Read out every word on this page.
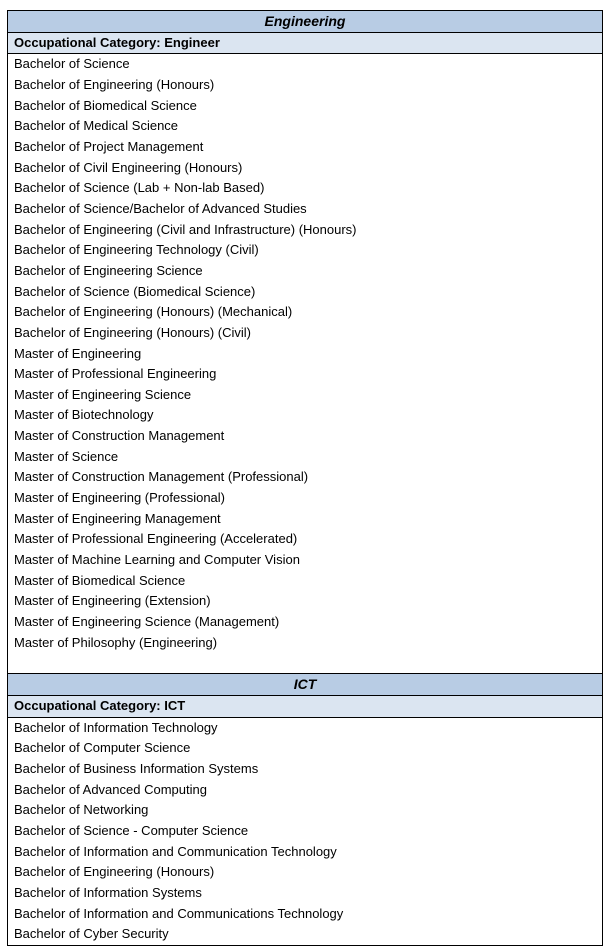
Engineering
Occupational Category: Engineer
Bachelor of Science
Bachelor of Engineering (Honours)
Bachelor of Biomedical Science
Bachelor of Medical Science
Bachelor of Project Management
Bachelor of Civil Engineering (Honours)
Bachelor of Science (Lab + Non-lab Based)
Bachelor of Science/Bachelor of Advanced Studies
Bachelor of Engineering (Civil and Infrastructure) (Honours)
Bachelor of Engineering Technology (Civil)
Bachelor of Engineering Science
Bachelor of Science (Biomedical Science)
Bachelor of Engineering (Honours) (Mechanical)
Bachelor of Engineering (Honours) (Civil)
Master of Engineering
Master of Professional Engineering
Master of Engineering Science
Master of Biotechnology
Master of Construction Management
Master of Science
Master of Construction Management (Professional)
Master of Engineering (Professional)
Master of Engineering Management
Master of Professional Engineering (Accelerated)
Master of Machine Learning and Computer Vision
Master of Biomedical Science
Master of Engineering (Extension)
Master of Engineering Science (Management)
Master of Philosophy (Engineering)

ICT
Occupational Category: ICT
Bachelor of Information Technology
Bachelor of Computer Science
Bachelor of Business Information Systems
Bachelor of Advanced Computing
Bachelor of Networking
Bachelor of Science - Computer Science
Bachelor of Information and Communication Technology
Bachelor of Engineering (Honours)
Bachelor of Information Systems
Bachelor of Information and Communications Technology
Bachelor of Cyber Security
